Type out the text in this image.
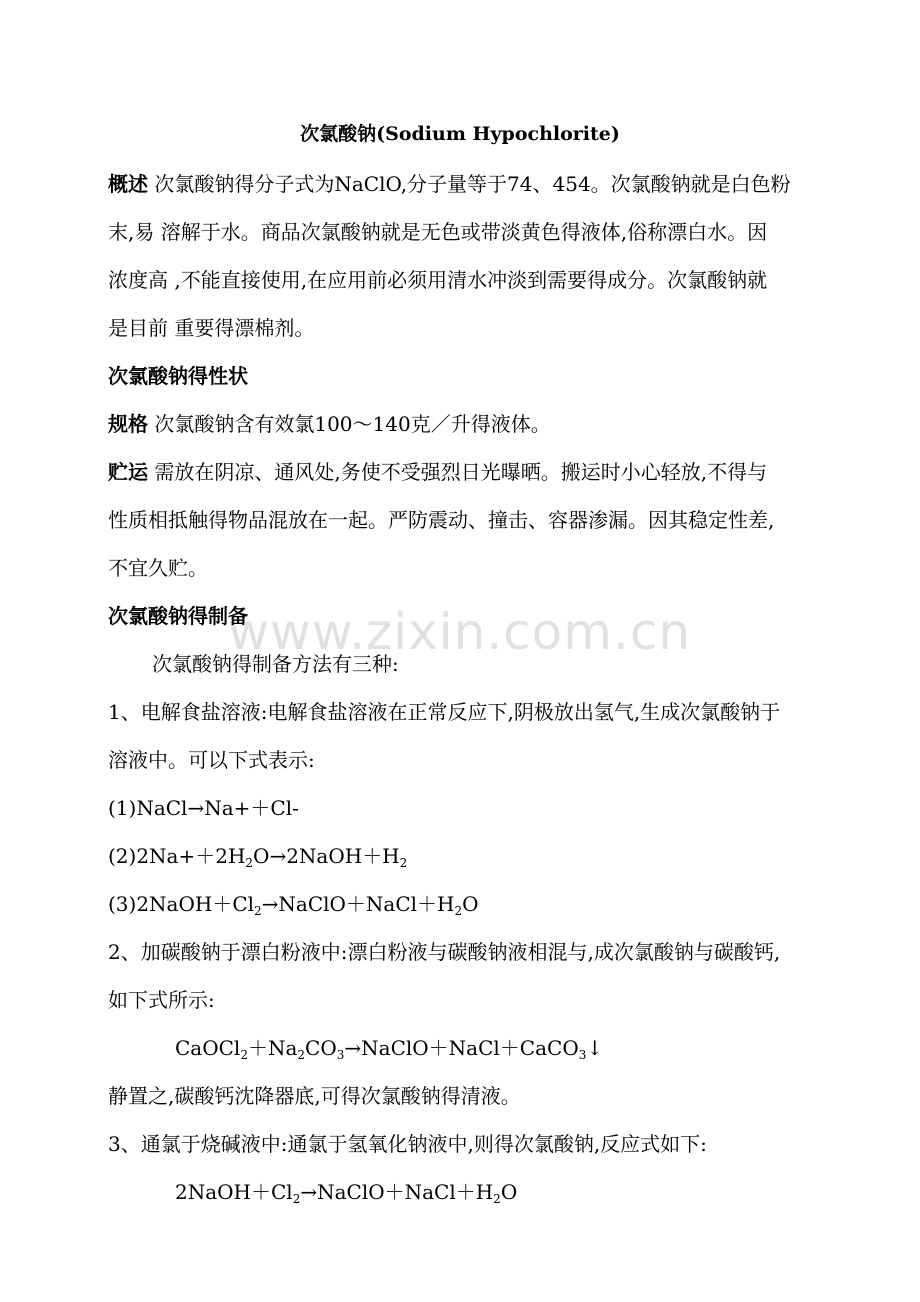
www.zixin.com.cn
次氯酸钠(Sodium Hypochlorite)
概述 次氯酸钠得分子式为NaClO,分子量等于74、454。次氯酸钠就是白色粉
末,易 溶解于水。商品次氯酸钠就是无色或带淡黄色得液体,俗称漂白水。因
浓度高 ,不能直接使用,在应用前必须用清水冲淡到需要得成分。次氯酸钠就
是目前 重要得漂棉剂。
次氯酸钠得性状
规格 次氯酸钠含有效氯100～140克／升得液体。
贮运 需放在阴凉、通风处,务使不受强烈日光曝晒。搬运时小心轻放,不得与
性质相抵触得物品混放在一起。严防震动、撞击、容器渗漏。因其稳定性差,
不宜久贮。
次氯酸钠得制备
次氯酸钠得制备方法有三种:
1、电解食盐溶液:电解食盐溶液在正常反应下,阴极放出氢气,生成次氯酸钠于
溶液中。可以下式表示:
(1)NaCl→Na+＋Cl-
$(2)2Na++2H_2O\to 2NaOH+H_2$
$(3)2NaOH+Cl_2\to NaClO+NaCl+H_2O$
2、加碳酸钠于漂白粉液中:漂白粉液与碳酸钠液相混与,成次氯酸钠与碳酸钙,
如下式所示:
$CaOCl_2+Na_2CO_3\to NaClO+NaCl+CaCO_3↓$
静置之,碳酸钙沈降器底,可得次氯酸钠得清液。
3、通氯于烧碱液中:通氯于氢氧化钠液中,则得次氯酸钠,反应式如下:
$2NaOH+Cl_2\to NaClO+NaCl+H_2O$
